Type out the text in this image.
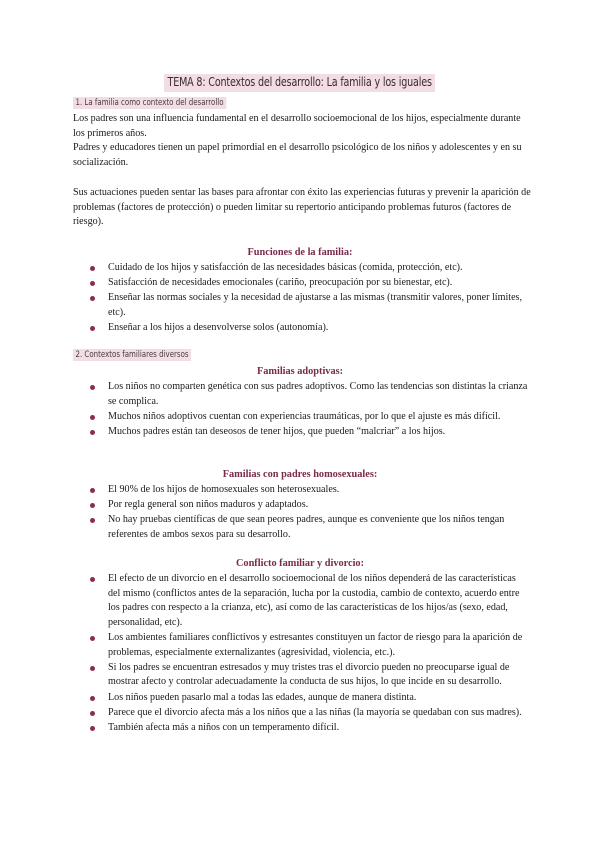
TEMA 8: Contextos del desarrollo: La familia y los iguales
1. La familia como contexto del desarrollo

Los padres son una influencia fundamental en el desarrollo socioemocional de los hijos, especialmente durante los primeros años.

Padres y educadores tienen un papel primordial en el desarrollo psicológico de los niños y adolescentes y en su socialización.

Sus actuaciones pueden sentar las bases para afrontar con éxito las experiencias futuras y prevenir la aparición de problemas (factores de protección) o pueden limitar su repertorio anticipando problemas futuros (factores de riesgo).

Funciones de la familia:
Cuidado de los hijos y satisfacción de las necesidades básicas (comida, protección, etc).
Satisfacción de necesidades emocionales (cariño, preocupación por su bienestar, etc).
Enseñar las normas sociales y la necesidad de ajustarse a las mismas (transmitir valores, poner límites, etc).
Enseñar a los hijos a desenvolverse solos (autonomía).
2. Contextos familiares diversos
Familias adoptivas:
Los niños no comparten genética con sus padres adoptivos. Como las tendencias son distintas la crianza se complica.
Muchos niños adoptivos cuentan con experiencias traumáticas, por lo que el ajuste es más difícil.
Muchos padres están tan deseosos de tener hijos, que pueden “malcriar” a los hijos.
Familias con padres homosexuales:
El 90% de los hijos de homosexuales son heterosexuales.
Por regla general son niños maduros y adaptados.
No hay pruebas científicas de que sean peores padres, aunque es conveniente que los niños tengan referentes de ambos sexos para su desarrollo.
Conflicto familiar y divorcio:
El efecto de un divorcio en el desarrollo socioemocional de los niños dependerá de las características del mismo (conflictos antes de la separación, lucha por la custodia, cambio de contexto, acuerdo entre los padres con respecto a la crianza, etc), así como de las características de los hijos/as (sexo, edad, personalidad, etc).
Los ambientes familiares conflictivos y estresantes constituyen un factor de riesgo para la aparición de problemas, especialmente externalizantes (agresividad, violencia, etc.).
Si los padres se encuentran estresados y muy tristes tras el divorcio pueden no preocuparse igual de mostrar afecto y controlar adecuadamente la conducta de sus hijos, lo que incide en su desarrollo.
Los niños pueden pasarlo mal a todas las edades, aunque de manera distinta.
Parece que el divorcio afecta más a los niños que a las niñas (la mayoría se quedaban con sus madres).
También afecta más a niños con un temperamento difícil.
